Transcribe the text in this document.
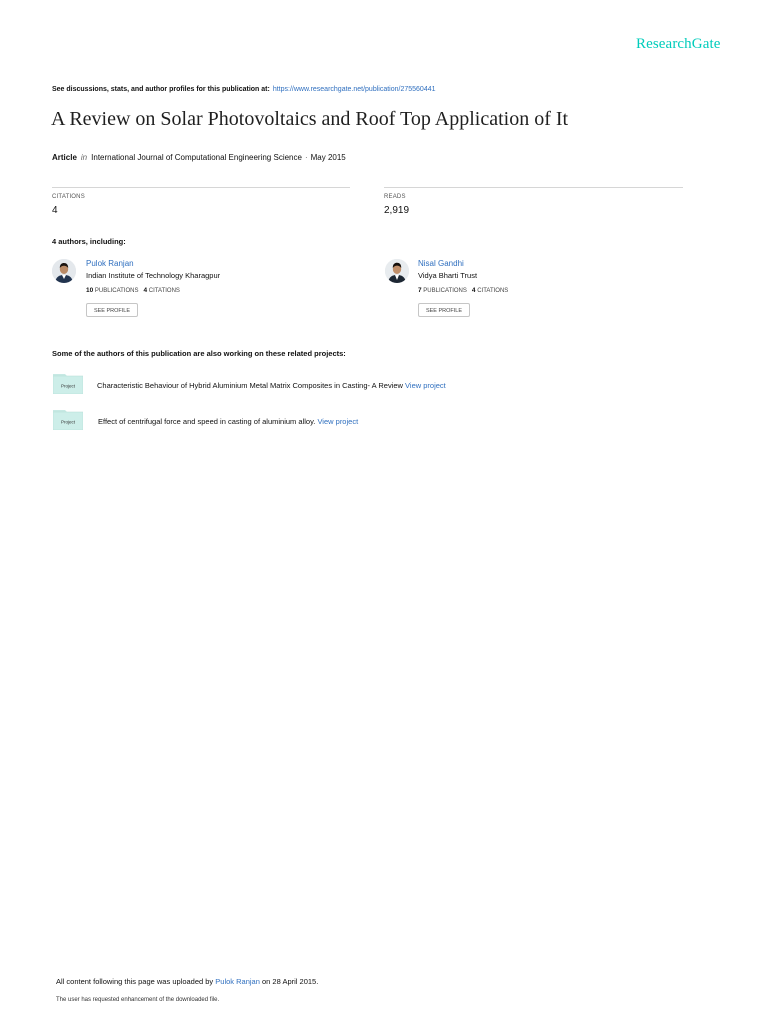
ResearchGate
See discussions, stats, and author profiles for this publication at: https://www.researchgate.net/publication/275560441
A Review on Solar Photovoltaics and Roof Top Application of It
Article in International Journal of Computational Engineering Science · May 2015
CITATIONS
4
READS
2,919
4 authors, including:
Pulok Ranjan
Indian Institute of Technology Kharagpur
10 PUBLICATIONS 4 CITATIONS
SEE PROFILE
Nisal Gandhi
Vidya Bharti Trust
7 PUBLICATIONS 4 CITATIONS
SEE PROFILE
Some of the authors of this publication are also working on these related projects:
Project	Characteristic Behaviour of Hybrid Aluminium Metal Matrix Composites in Casting- A Review View project
Project	Effect of centrifugal force and speed in casting of aluminium alloy. View project
All content following this page was uploaded by Pulok Ranjan on 28 April 2015.
The user has requested enhancement of the downloaded file.
